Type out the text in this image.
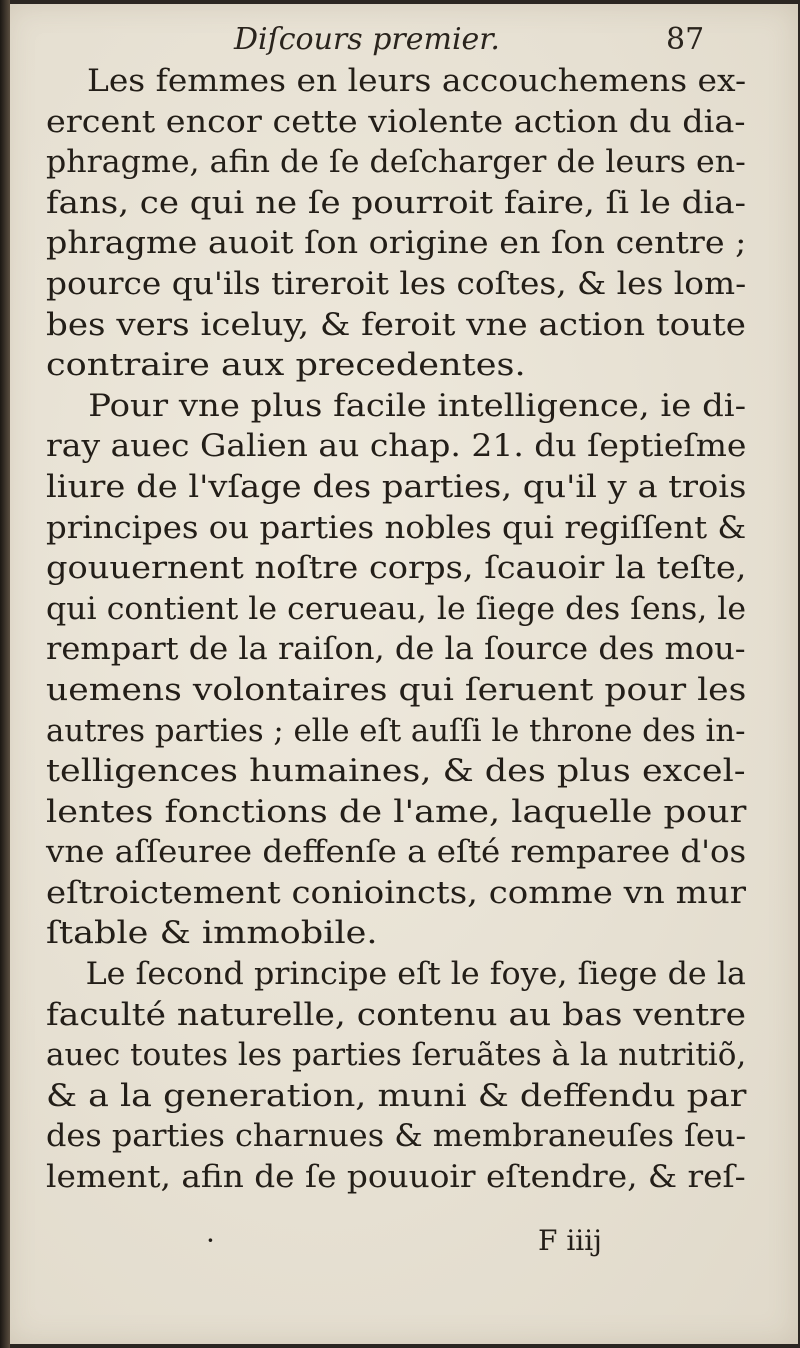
Diſcours premier.	87
Les femmes en leurs accouchemens ex-
ercent encor cette violente action du dia-
phragme, afin de ſe deſcharger de leurs en-
fans, ce qui ne ſe pourroit faire, ſi le dia-
phragme auoit ſon origine en ſon centre ;
pource qu'ils tireroit les coſtes, & les lom-
bes vers iceluy, & feroit vne action toute
contraire aux precedentes.
Pour vne plus facile intelligence, ie di-
ray auec Galien au chap. 21. du ſeptieſme
liure de l'vſage des parties, qu'il y a trois
principes ou parties nobles qui regiſſent &
gouuernent noſtre corps, ſcauoir la teſte,
qui contient le cerueau, le ſiege des ſens, le
rempart de la raiſon, de la ſource des mou-
uemens volontaires qui ſeruent pour les
autres parties ; elle eſt auſſi le throne des in-
telligences humaines, & des plus excel-
lentes fonctions de l'ame, laquelle pour
vne aſſeuree deffenſe a eſté remparee d'os
eſtroictement conioincts, comme vn mur
ſtable & immobile.
Le ſecond principe eſt le foye, ſiege de la
faculté naturelle, contenu au bas ventre
auec toutes les parties ſeruãtes à la nutritiõ,
& a la generation, muni & deffendu par
des parties charnues & membraneuſes ſeu-
lement, afin de ſe pouuoir eſtendre, & reſ-
·	F iiij
